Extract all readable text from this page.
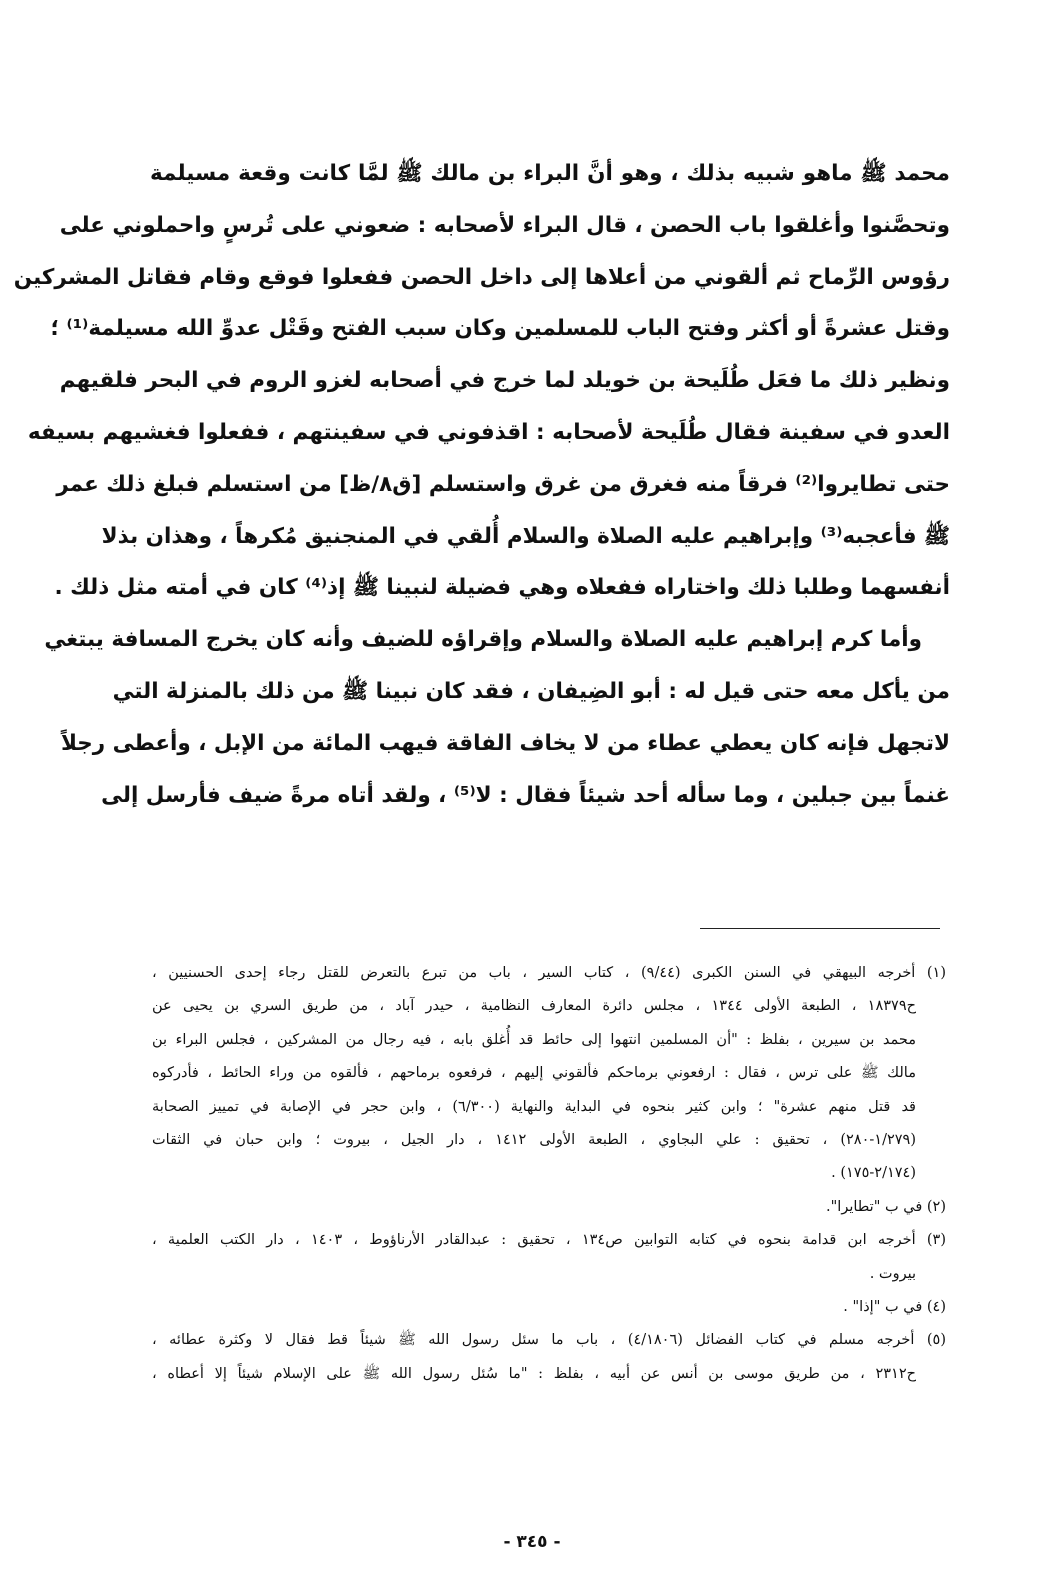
محمد ﷺ ماهو شبيه بذلك ، وهو أنَّ البراء بن مالك ﷺ لمَّا كانت وقعة مسيلمة
وتحصَّنوا وأغلقوا باب الحصن ، قال البراء لأصحابه : ضعوني على تُرسٍ واحملوني على
رؤوس الرِّماح ثم ألقوني من أعلاها إلى داخل الحصن ففعلوا فوقع وقام فقاتل المشركين
وقتل عشرةً أو أكثر وفتح الباب للمسلمين وكان سبب الفتح وقَتْل عدوِّ الله مسيلمة⁽¹⁾ ؛
ونظير ذلك ما فعَل طُلَيحة بن خويلد لما خرج في أصحابه لغزو الروم في البحر فلقيهم
العدو في سفينة فقال طُلَيحة لأصحابه : اقذفوني في سفينتهم ، ففعلوا فغشيهم بسيفه
حتى تطايروا⁽²⁾ فرقاً منه فغرق من غرق واستسلم [ق٨/ظ] من استسلم فبلغ ذلك عمر
ﷺ فأعجبه⁽³⁾ وإبراهيم عليه الصلاة والسلام أُلقي في المنجنيق مُكرهاً ، وهذان بذلا
أنفسهما وطلبا ذلك واختاراه ففعلاه وهي فضيلة لنبينا ﷺ إذ⁽⁴⁾ كان في أمته مثل ذلك .
وأما كرم إبراهيم عليه الصلاة والسلام وإقراؤه للضيف وأنه كان يخرج المسافة يبتغي
من يأكل معه حتى قيل له : أبو الضِيفان ، فقد كان نبينا ﷺ من ذلك بالمنزلة التي
لاتجهل فإنه كان يعطي عطاء من لا يخاف الفاقة فيهب المائة من الإبل ، وأعطى رجلاً
غنماً بين جبلين ، وما سأله أحد شيئاً فقال : لا⁽⁵⁾ ، ولقد أتاه مرةً ضيف فأرسل إلى
(١) أخرجه البيهقي في السنن الكبرى (٩/٤٤) ، كتاب السير ، باب من تبرع بالتعرض للقتل رجاء إحدى الحسنيين ،
ح١٨٣٧٩ ، الطبعة الأولى ١٣٤٤ ، مجلس دائرة المعارف النظامية ، حيدر آباد ، من طريق السري بن يحيى عن
محمد بن سيرين ، بفلظ : "أن المسلمين انتهوا إلى حائط قد أُغلق بابه ، فيه رجال من المشركين ، فجلس البراء بن
مالك ﷺ على ترس ، فقال : ارفعوني برماحكم فألقوني إليهم ، فرفعوه برماحهم ، فألقوه من وراء الحائط ، فأدركوه
قد قتل منهم عشرة" ؛ وابن كثير بنحوه في البداية والنهاية (٦/٣٠٠) ، وابن حجر في الإصابة في تمييز الصحابة
(١/٢٧٩-٢٨٠) ، تحقيق : علي البجاوي ، الطبعة الأولى ١٤١٢ ، دار الجيل ، بيروت ؛ وابن حبان في الثقات
(٢/١٧٤-١٧٥) .
(٢) في ب "تطايرا".
(٣) أخرجه ابن قدامة بنحوه في كتابه التوابين ص١٣٤ ، تحقيق : عبدالقادر الأرناؤوط ، ١٤٠٣ ، دار الكتب العلمية ،
بيروت .
(٤) في ب "إذا" .
(٥) أخرجه مسلم في كتاب الفضائل (٤/١٨٠٦) ، باب ما سئل رسول الله ﷺ شيئاً قط فقال لا وكثرة عطائه ،
ح٢٣١٢ ، من طريق موسى بن أنس عن أبيه ، بفلظ : "ما سُئل رسول الله ﷺ على الإسلام شيئاً إلا أعطاه ،
- ٣٤٥ -
